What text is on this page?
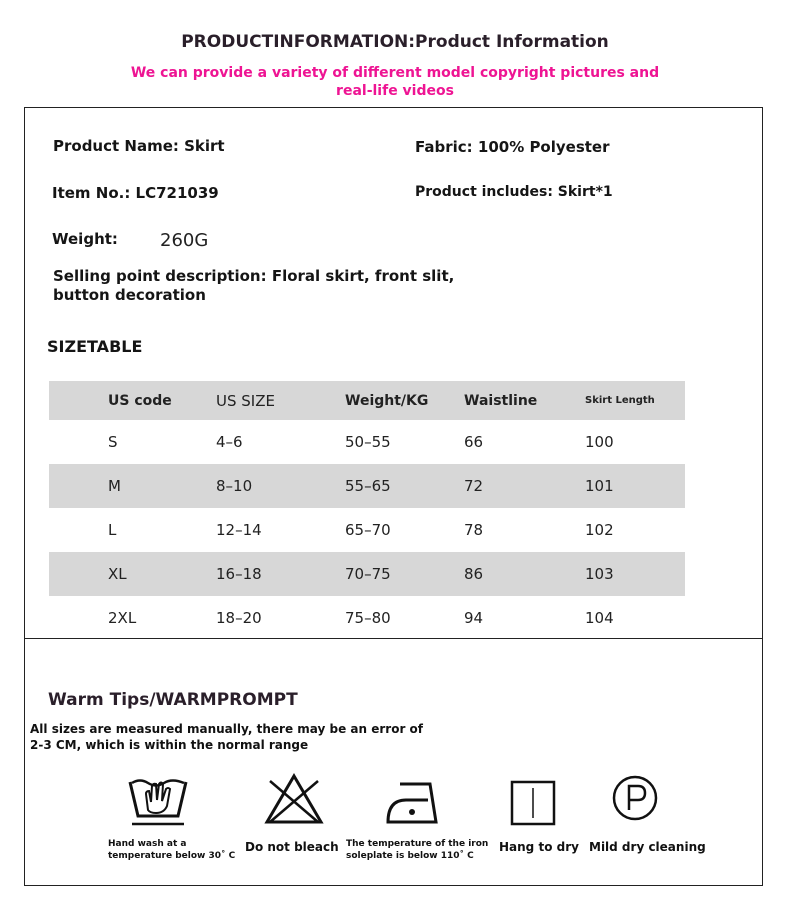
PRODUCTINFORMATION:Product Information
We can provide a variety of different model copyright pictures and real-life videos
Product Name: Skirt	Fabric: 100% Polyester
Item No.: LC721039	Product includes: Skirt*1
Weight: 260G
Selling point description: Floral skirt, front slit, button decoration
SIZETABLE
US code	US SIZE	Weight/KG	Waistline	Skirt Length
S	4–6	50–55	66	100
M	8–10	55–65	72	101
L	12–14	65–70	78	102
XL	16–18	70–75	86	103
2XL	18–20	75–80	94	104
Warm Tips/WARMPROMPT
All sizes are measured manually, there may be an error of 2-3 CM, which is within the normal range
Hand wash at a temperature below 30˚ C
Do not bleach The temperature of the iron soleplate is below 110˚ C
Hang to dry Mild dry cleaning
